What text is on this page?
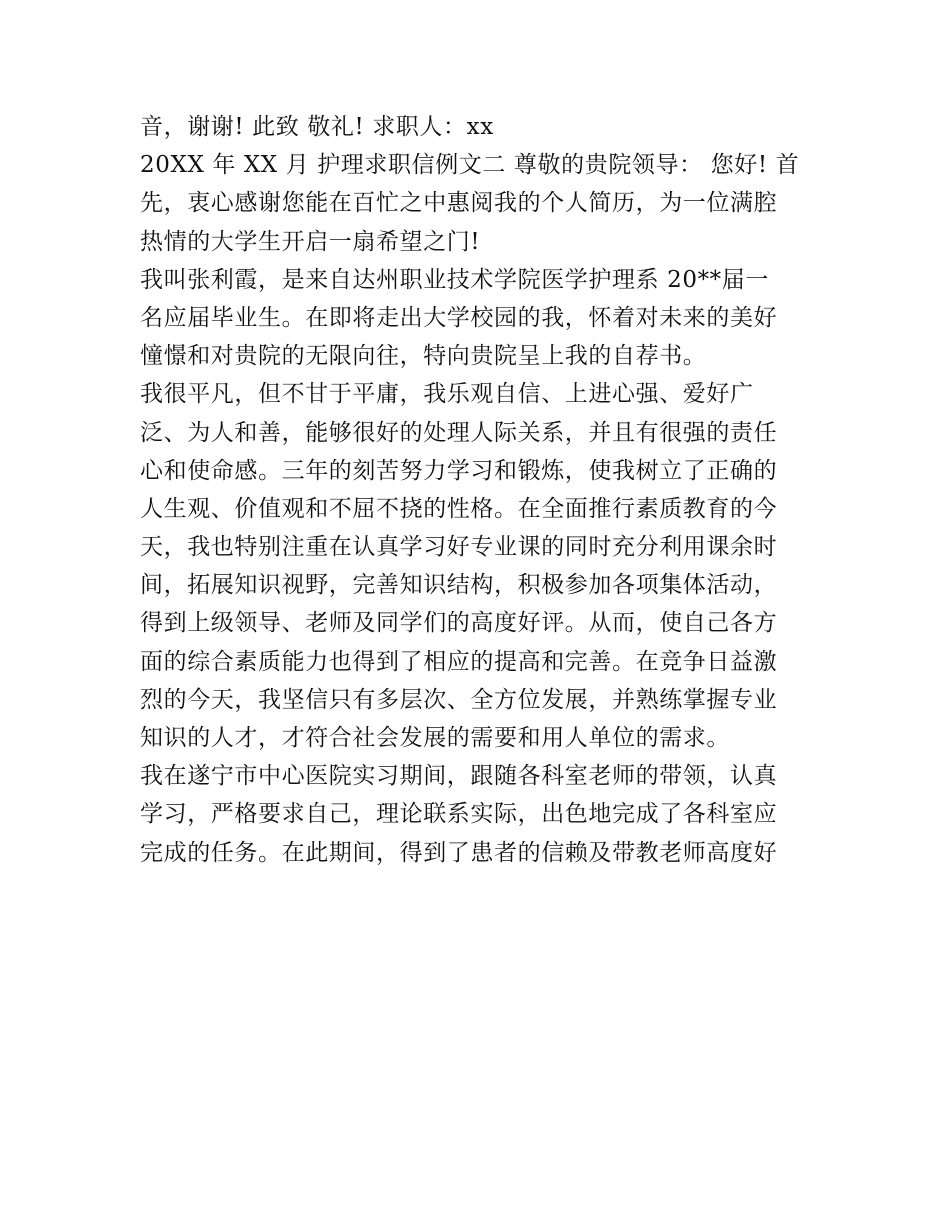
音，谢谢! 此致 敬礼! 求职人：xx
20XX 年 XX 月 护理求职信例文二 尊敬的贵院领导： 您好! 首
先，衷心感谢您能在百忙之中惠阅我的个人简历，为一位满腔
热情的大学生开启一扇希望之门!
我叫张利霞，是来自达州职业技术学院医学护理系 20**届一
名应届毕业生。在即将走出大学校园的我，怀着对未来的美好
憧憬和对贵院的无限向往，特向贵院呈上我的自荐书。
我很平凡，但不甘于平庸，我乐观自信、上进心强、爱好广
泛、为人和善，能够很好的处理人际关系，并且有很强的责任
心和使命感。三年的刻苦努力学习和锻炼，使我树立了正确的
人生观、价值观和不屈不挠的性格。在全面推行素质教育的今
天，我也特别注重在认真学习好专业课的同时充分利用课余时
间，拓展知识视野，完善知识结构，积极参加各项集体活动，
得到上级领导、老师及同学们的高度好评。从而，使自己各方
面的综合素质能力也得到了相应的提高和完善。在竞争日益激
烈的今天，我坚信只有多层次、全方位发展，并熟练掌握专业
知识的人才，才符合社会发展的需要和用人单位的需求。
我在遂宁市中心医院实习期间，跟随各科室老师的带领，认真
学习，严格要求自己，理论联系实际，出色地完成了各科室应
完成的任务。在此期间，得到了患者的信赖及带教老师高度好
